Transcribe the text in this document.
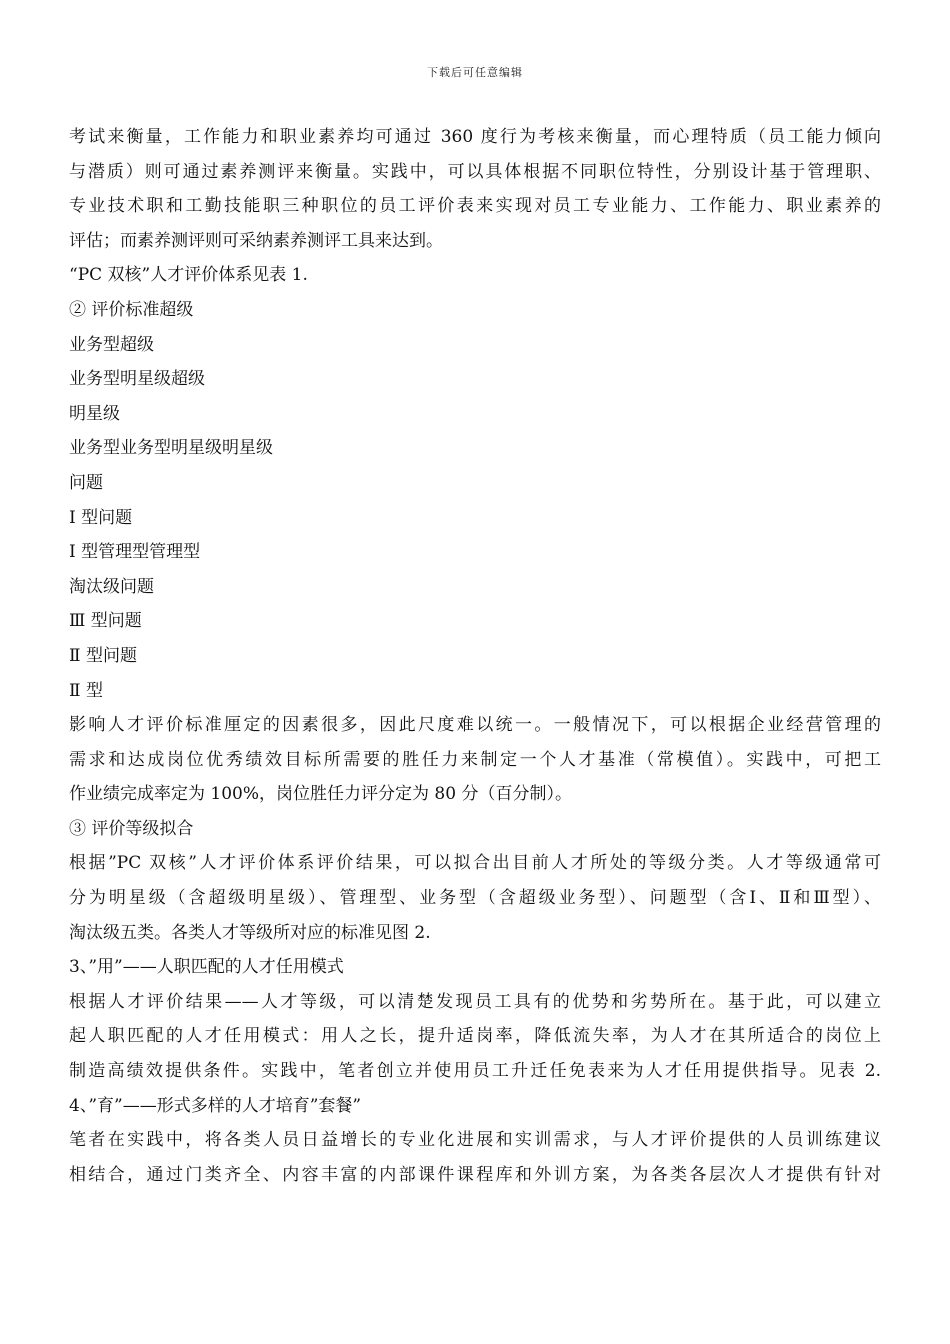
下载后可任意编辑
考试来衡量，工作能力和职业素养均可通过 360 度行为考核来衡量，而心理特质（员工能力倾向
与潜质）则可通过素养测评来衡量。实践中，可以具体根据不同职位特性，分别设计基于管理职、
专业技术职和工勤技能职三种职位的员工评价表来实现对员工专业能力、工作能力、职业素养的
评估；而素养测评则可采纳素养测评工具来达到。
“PC 双核”人才评价体系见表 1.
② 评价标准超级
业务型超级
业务型明星级超级
明星级
业务型业务型明星级明星级
问题
Ⅰ 型问题
Ⅰ 型管理型管理型
淘汰级问题
Ⅲ 型问题
Ⅱ 型问题
Ⅱ 型
影响人才评价标准厘定的因素很多，因此尺度难以统一。一般情况下，可以根据企业经营管理的
需求和达成岗位优秀绩效目标所需要的胜任力来制定一个人才基准（常模值）。实践中，可把工
作业绩完成率定为 100%，岗位胜任力评分定为 80 分（百分制）。
③ 评价等级拟合
根据”PC 双核”人才评价体系评价结果，可以拟合出目前人才所处的等级分类。人才等级通常可
分为明星级（含超级明星级）、管理型、业务型（含超级业务型）、问题型（含Ⅰ、Ⅱ和Ⅲ型）、
淘汰级五类。各类人才等级所对应的标准见图 2.
3、”用”——人职匹配的人才任用模式
根据人才评价结果——人才等级，可以清楚发现员工具有的优势和劣势所在。基于此，可以建立
起人职匹配的人才任用模式：用人之长，提升适岗率，降低流失率，为人才在其所适合的岗位上
制造高绩效提供条件。实践中，笔者创立并使用员工升迁任免表来为人才任用提供指导。见表 2.
4、”育”——形式多样的人才培育”套餐”
笔者在实践中，将各类人员日益增长的专业化进展和实训需求，与人才评价提供的人员训练建议
相结合，通过门类齐全、内容丰富的内部课件课程库和外训方案，为各类各层次人才提供有针对
